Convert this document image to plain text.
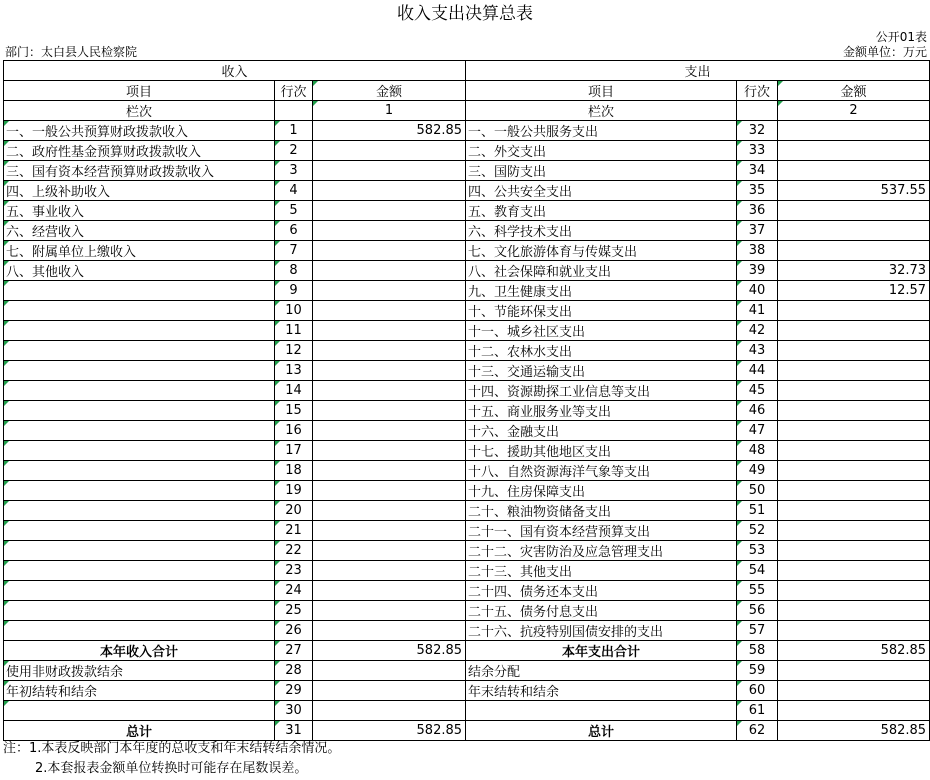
收入支出决算总表
公开01表
部门：太白县人民检察院	金额单位：万元
收入			支出		
项目	行次	金额	项目	行次	金额
栏次		1	栏次		2
一、一般公共预算财政拨款收入	1	582.85	一、一般公共服务支出	32	
二、政府性基金预算财政拨款收入	2		二、外交支出	33	
三、国有资本经营预算财政拨款收入	3		三、国防支出	34	
四、上级补助收入	4		四、公共安全支出	35	537.55
五、事业收入	5		五、教育支出	36	
六、经营收入	6		六、科学技术支出	37	
七、附属单位上缴收入	7		七、文化旅游体育与传媒支出	38	
八、其他收入	8		八、社会保障和就业支出	39	32.73
	9		九、卫生健康支出	40	12.57
	10		十、节能环保支出	41	
	11		十一、城乡社区支出	42	
	12		十二、农林水支出	43	
	13		十三、交通运输支出	44	
	14		十四、资源勘探工业信息等支出	45	
	15		十五、商业服务业等支出	46	
	16		十六、金融支出	47	
	17		十七、援助其他地区支出	48	
	18		十八、自然资源海洋气象等支出	49	
	19		十九、住房保障支出	50	
	20		二十、粮油物资储备支出	51	
	21		二十一、国有资本经营预算支出	52	
	22		二十二、灾害防治及应急管理支出	53	
	23		二十三、其他支出	54	
	24		二十四、债务还本支出	55	
	25		二十五、债务付息支出	56	
	26		二十六、抗疫特别国债安排的支出	57	
本年收入合计	27	582.85	本年支出合计	58	582.85
使用非财政拨款结余	28		结余分配	59	
年初结转和结余	29		年末结转和结余	60	
	30			61	
总计	31	582.85	总计	62	582.85
注：1.本表反映部门本年度的总收支和年末结转结余情况。
2.本套报表金额单位转换时可能存在尾数误差。
